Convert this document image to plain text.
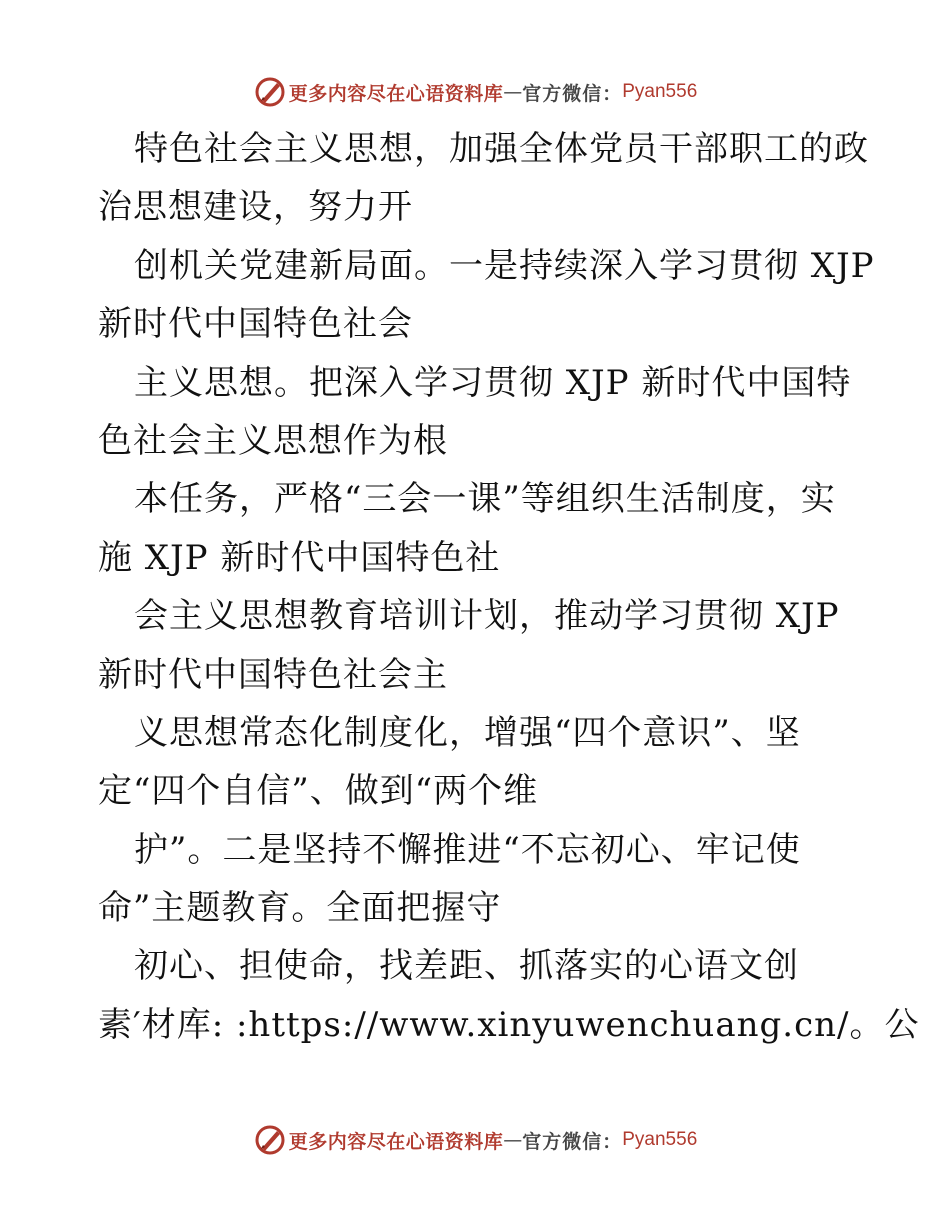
更多内容尽在心语资料库 — 官方微信： Pyan556
特色社会主义思想，加强全体党员干部职工的政
治思想建设，努力开
创机关党建新局面。一是持续深入学习贯彻 XJP
新时代中国特色社会
主义思想。把深入学习贯彻 XJP 新时代中国特
色社会主义思想作为根
本任务，严格“三会一课”等组织生活制度，实
施 XJP 新时代中国特色社
会主义思想教育培训计划，推动学习贯彻 XJP
新时代中国特色社会主
义思想常态化制度化，增强“四个意识”、坚
定“四个自信”、做到“两个维
护”。二是坚持不懈推进“不忘初心、牢记使
命”主题教育。全面把握守
初心、担使命，找差距、抓落实的心语文创
素′材库: :https://www.xinyuwenchuang.cn/。公
更多内容尽在心语资料库 — 官方微信： Pyan556
